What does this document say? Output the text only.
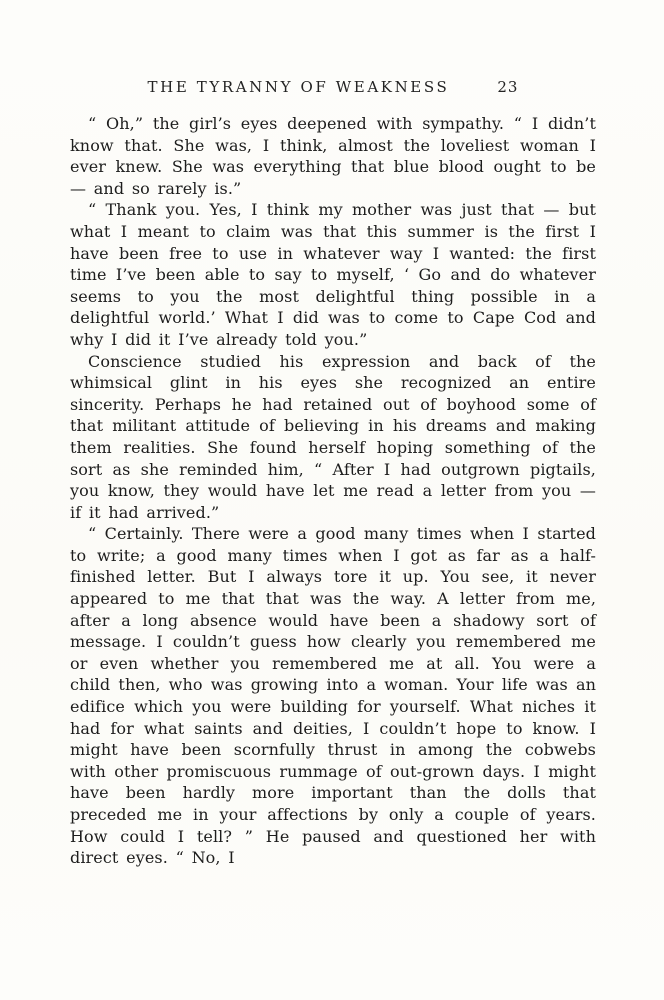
THE TYRANNY OF WEAKNESS	23

“ Oh,” the girl’s eyes deepened with sympathy. “ I didn’t know that. She was, I think, almost the loveliest woman I ever knew. She was everything that blue blood ought to be — and so rarely is.”

“ Thank you. Yes, I think my mother was just that — but what I meant to claim was that this summer is the first I have been free to use in whatever way I wanted: the first time I’ve been able to say to myself, ‘ Go and do whatever seems to you the most delightful thing possible in a delightful world.’ What I did was to come to Cape Cod and why I did it I’ve already told you.”

Conscience studied his expression and back of the whimsical glint in his eyes she recognized an entire sincerity. Perhaps he had retained out of boyhood some of that militant attitude of believing in his dreams and making them realities. She found herself hoping something of the sort as she reminded him, “ After I had outgrown pigtails, you know, they would have let me read a letter from you — if it had arrived.”

“ Certainly. There were a good many times when I started to write; a good many times when I got as far as a half-finished letter. But I always tore it up. You see, it never appeared to me that that was the way. A letter from me, after a long absence would have been a shadowy sort of message. I couldn’t guess how clearly you remembered me or even whether you remembered me at all. You were a child then, who was growing into a woman. Your life was an edifice which you were building for yourself. What niches it had for what saints and deities, I couldn’t hope to know. I might have been scornfully thrust in among the cobwebs with other promiscuous rummage of out-grown days. I might have been hardly more important than the dolls that preceded me in your affections by only a couple of years. How could I tell? ” He paused and questioned her with direct eyes. “ No, I
